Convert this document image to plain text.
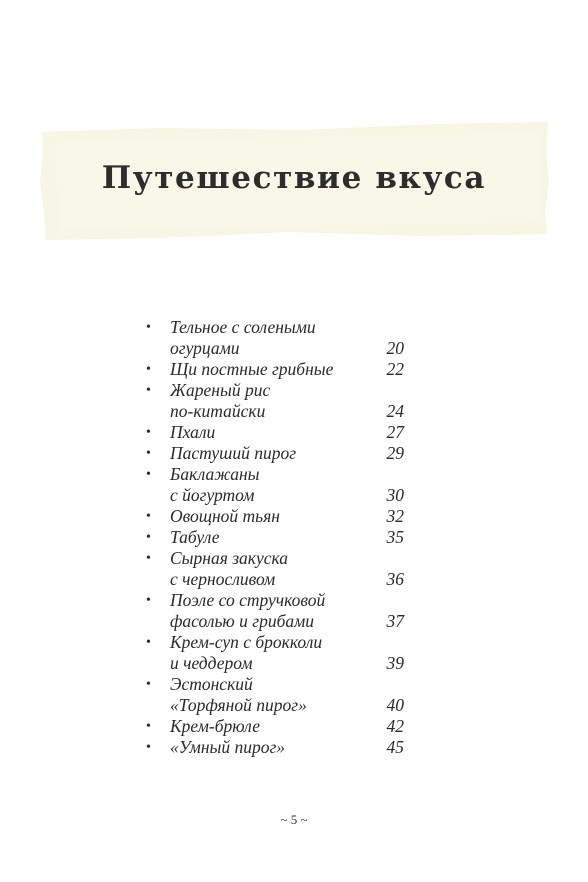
Путешествие вкуса
•	Тельное с солеными
огурцами	20
•	Щи постные грибные	22
•	Жареный рис
по-китайски	24
•	Пхали	27
•	Пастуший пирог	29
•	Баклажаны
с йогуртом	30
•	Овощной тьян	32
•	Табуле	35
•	Сырная закуска
с черносливом	36
•	Поэле со стручковой
фасолью и грибами	37
•	Крем-суп с брокколи
и чеддером	39
•	Эстонский
«Торфяной пирог»	40
•	Крем-брюле	42
•	«Умный пирог»	45
~ 5 ~
